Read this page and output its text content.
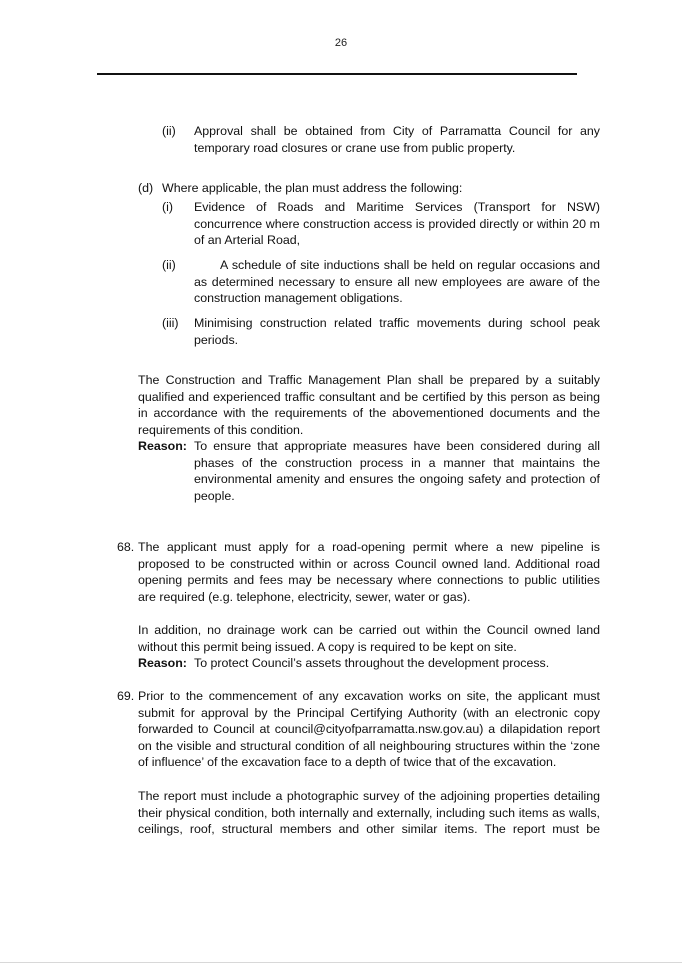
26
(ii) Approval shall be obtained from City of Parramatta Council for any temporary road closures or crane use from public property.
(d) Where applicable, the plan must address the following:
(i) Evidence of Roads and Maritime Services (Transport for NSW) concurrence where construction access is provided directly or within 20 m of an Arterial Road,
(ii)	A schedule of site inductions shall be held on regular occasions and as determined necessary to ensure all new employees are aware of the construction management obligations.
(iii) Minimising construction related traffic movements during school peak periods.
The Construction and Traffic Management Plan shall be prepared by a suitably qualified and experienced traffic consultant and be certified by this person as being in accordance with the requirements of the abovementioned documents and the requirements of this condition.
Reason: To ensure that appropriate measures have been considered during all phases of the construction process in a manner that maintains the environmental amenity and ensures the ongoing safety and protection of people.
68. The applicant must apply for a road-opening permit where a new pipeline is proposed to be constructed within or across Council owned land. Additional road opening permits and fees may be necessary where connections to public utilities are required (e.g. telephone, electricity, sewer, water or gas).
In addition, no drainage work can be carried out within the Council owned land without this permit being issued. A copy is required to be kept on site.
Reason: To protect Council’s assets throughout the development process.
69. Prior to the commencement of any excavation works on site, the applicant must submit for approval by the Principal Certifying Authority (with an electronic copy forwarded to Council at council@cityofparramatta.nsw.gov.au) a dilapidation report on the visible and structural condition of all neighbouring structures within the ‘zone of influence’ of the excavation face to a depth of twice that of the excavation.
The report must include a photographic survey of the adjoining properties detailing their physical condition, both internally and externally, including such items as walls, ceilings, roof, structural members and other similar items. The report must be
